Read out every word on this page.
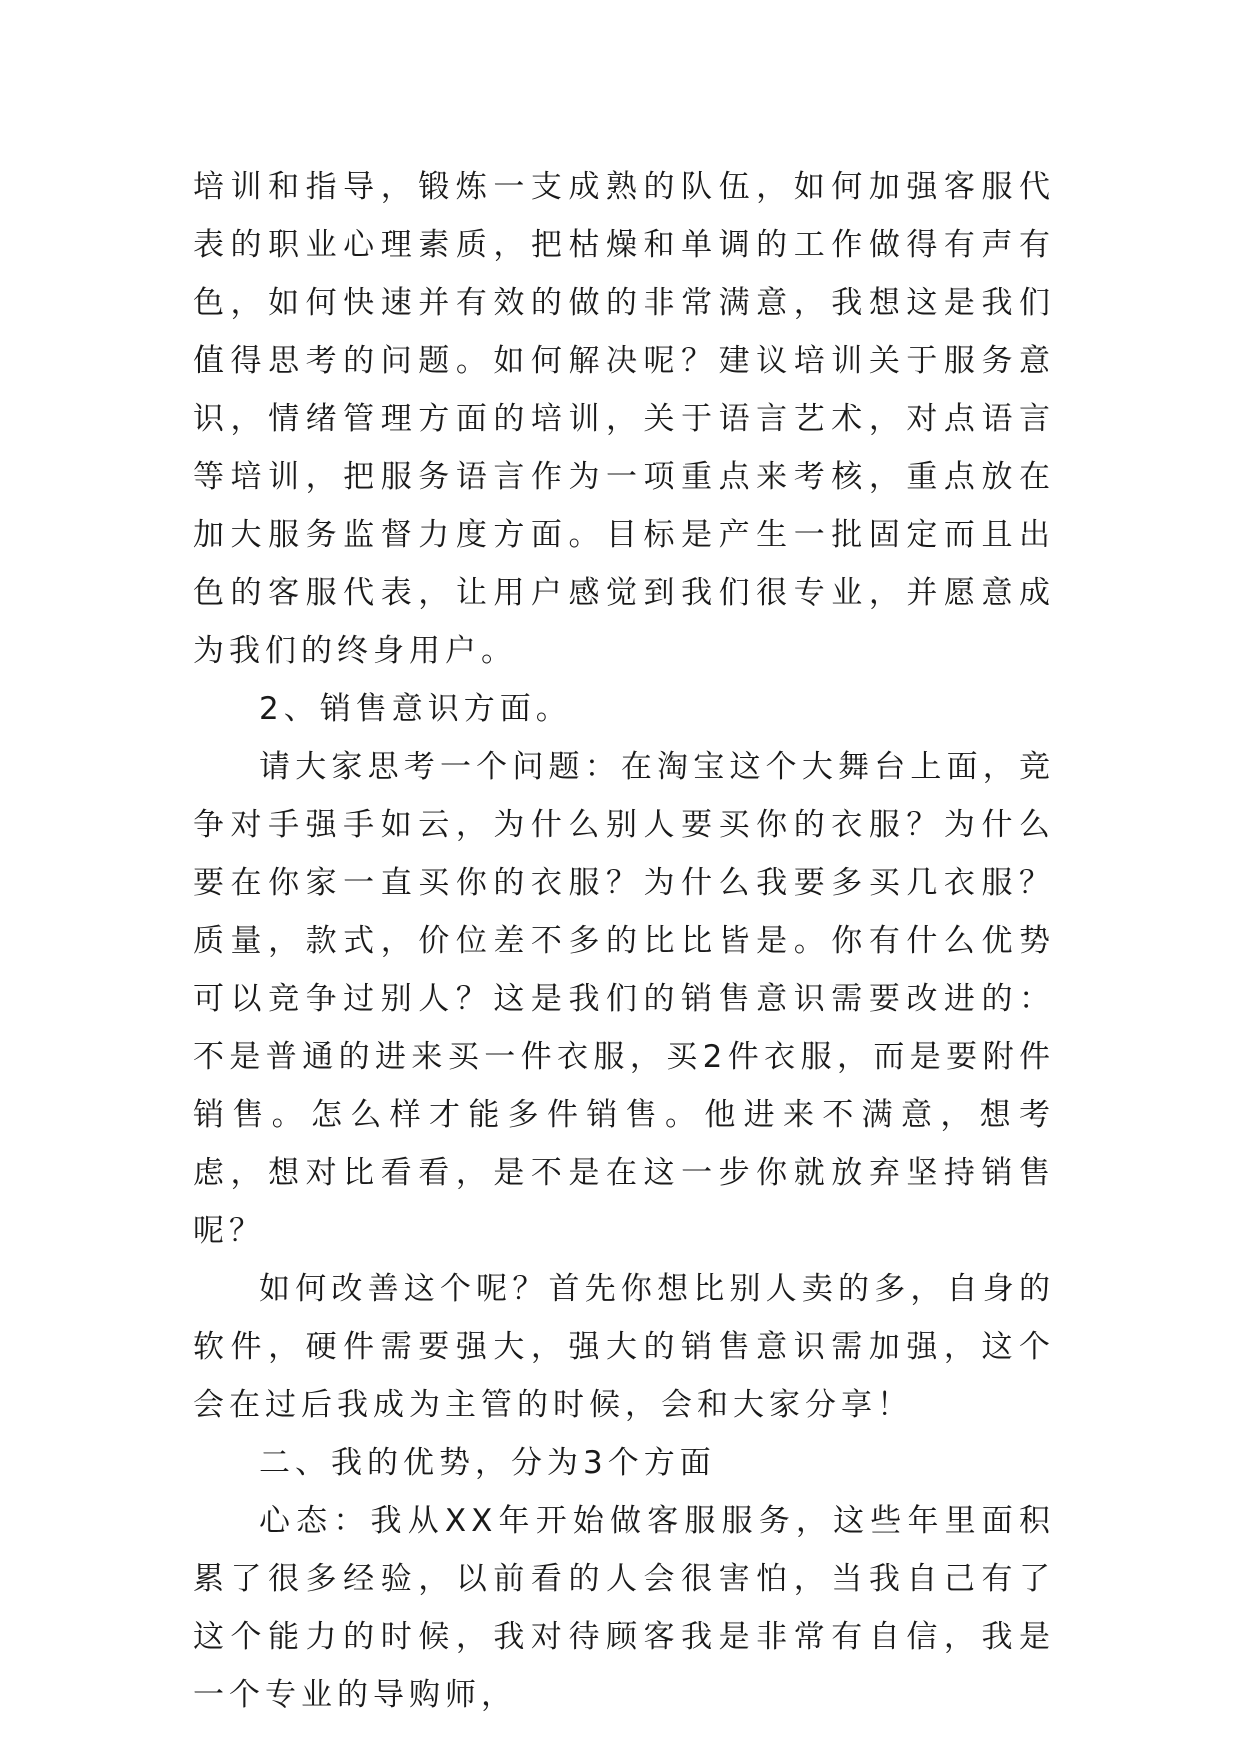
培训和指导，锻炼一支成熟的队伍，如何加强客服代表的职业心理素质，把枯燥和单调的工作做得有声有色，如何快速并有效的做的非常满意，我想这是我们值得思考的问题。如何解决呢？建议培训关于服务意识，情绪管理方面的培训，关于语言艺术，对点语言等培训，把服务语言作为一项重点来考核，重点放在加大服务监督力度方面。目标是产生一批固定而且出色的客服代表，让用户感觉到我们很专业，并愿意成为我们的终身用户。

2、销售意识方面。

请大家思考一个问题：在淘宝这个大舞台上面，竞争对手强手如云，为什么别人要买你的衣服？为什么要在你家一直买你的衣服？为什么我要多买几衣服？质量，款式，价位差不多的比比皆是。你有什么优势可以竞争过别人？这是我们的销售意识需要改进的：不是普通的进来买一件衣服，买2件衣服，而是要附件销售。怎么样才能多件销售。他进来不满意，想考虑，想对比看看，是不是在这一步你就放弃坚持销售呢？

如何改善这个呢？首先你想比别人卖的多，自身的软件，硬件需要强大，强大的销售意识需加强，这个会在过后我成为主管的时候，会和大家分享！

二、我的优势，分为3个方面

心态：我从XX年开始做客服服务，这些年里面积累了很多经验，以前看的人会很害怕，当我自己有了这个能力的时候，我对待顾客我是非常有自信，我是一个专业的导购师，
